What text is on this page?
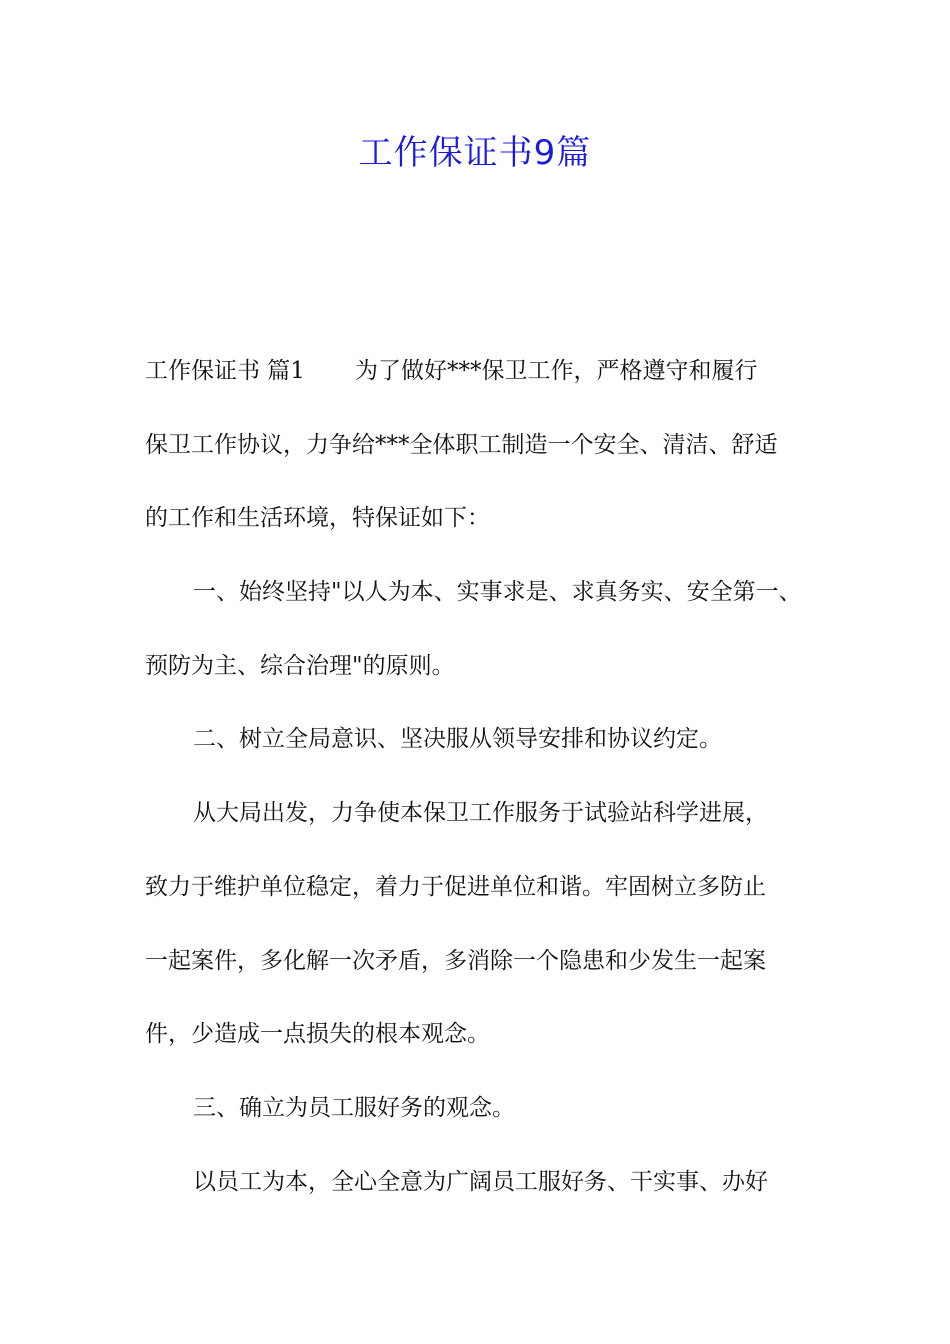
工作保证书9篇
工作保证书 篇1 为了做好***保卫工作，严格遵守和履行
保卫工作协议，力争给***全体职工制造一个安全、清洁、舒适
的工作和生活环境，特保证如下：
一、始终坚持"以人为本、实事求是、求真务实、安全第一、
预防为主、综合治理"的原则。
二、树立全局意识、坚决服从领导安排和协议约定。
从大局出发，力争使本保卫工作服务于试验站科学进展，
致力于维护单位稳定，着力于促进单位和谐。牢固树立多防止
一起案件，多化解一次矛盾，多消除一个隐患和少发生一起案
件，少造成一点损失的根本观念。
三、确立为员工服好务的观念。
以员工为本，全心全意为广阔员工服好务、干实事、办好
